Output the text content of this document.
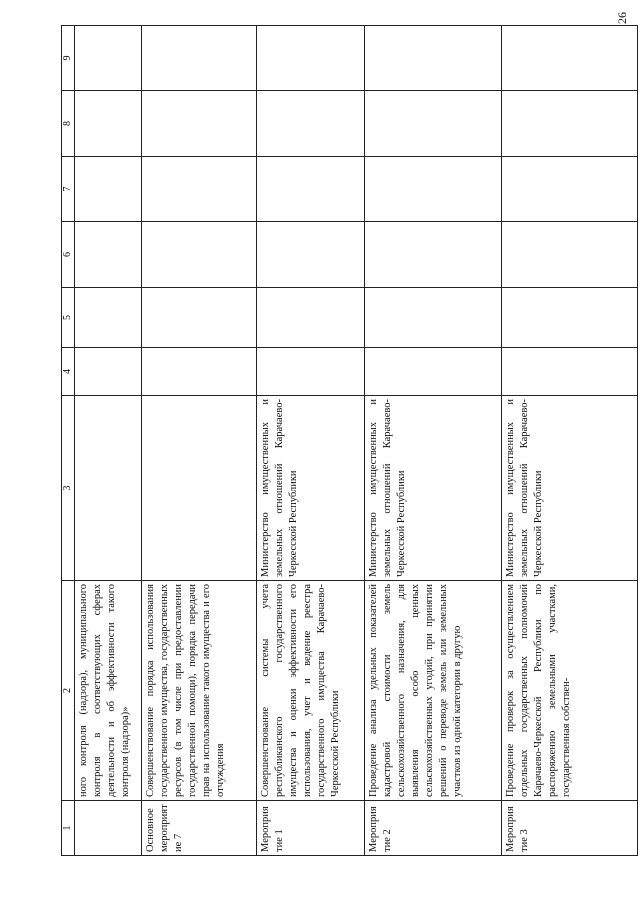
26
1	2	3	4	5	6	7	8	9
	ного контроля (надзора), муниципального контроля в соответствующих сферах деятельности и об эффективности такого контроля (надзора)»							
Основное мероприятие 7	Совершенствование порядка использования государственного имущества, государственных ресурсов (в том числе при предоставлении государственной помощи), порядка передачи прав на использование такого имущества и его отчуждения							
Мероприятие 1	Совершенствование системы учета республиканского государственного имущества и оценки эффективности его использования, учет и ведение реестра государственного имущества Карачаево-Черкесской Республики	Министерство имущественных и земельных отношений Карачаево-Черкесской Республики						
Мероприятие 2	Проведение анализа удельных показателей кадастровой стоимости земель сельскохозяйственного назначения, для выявления особо ценных сельскохозяйственных угодий, при принятии решений о переводе земель или земельных участков из одной категории в другую	Министерство имущественных и земельных отношений Карачаево-Черкесской Республики						
Мероприятие 3	Проведение проверок за осуществлением отдельных государственных полномочий Карачаево-Черкесской Республики по распоряжению земельными участками, государственная собствен-	Министерство имущественных и земельных отношений Карачаево-Черкесской Республики						
